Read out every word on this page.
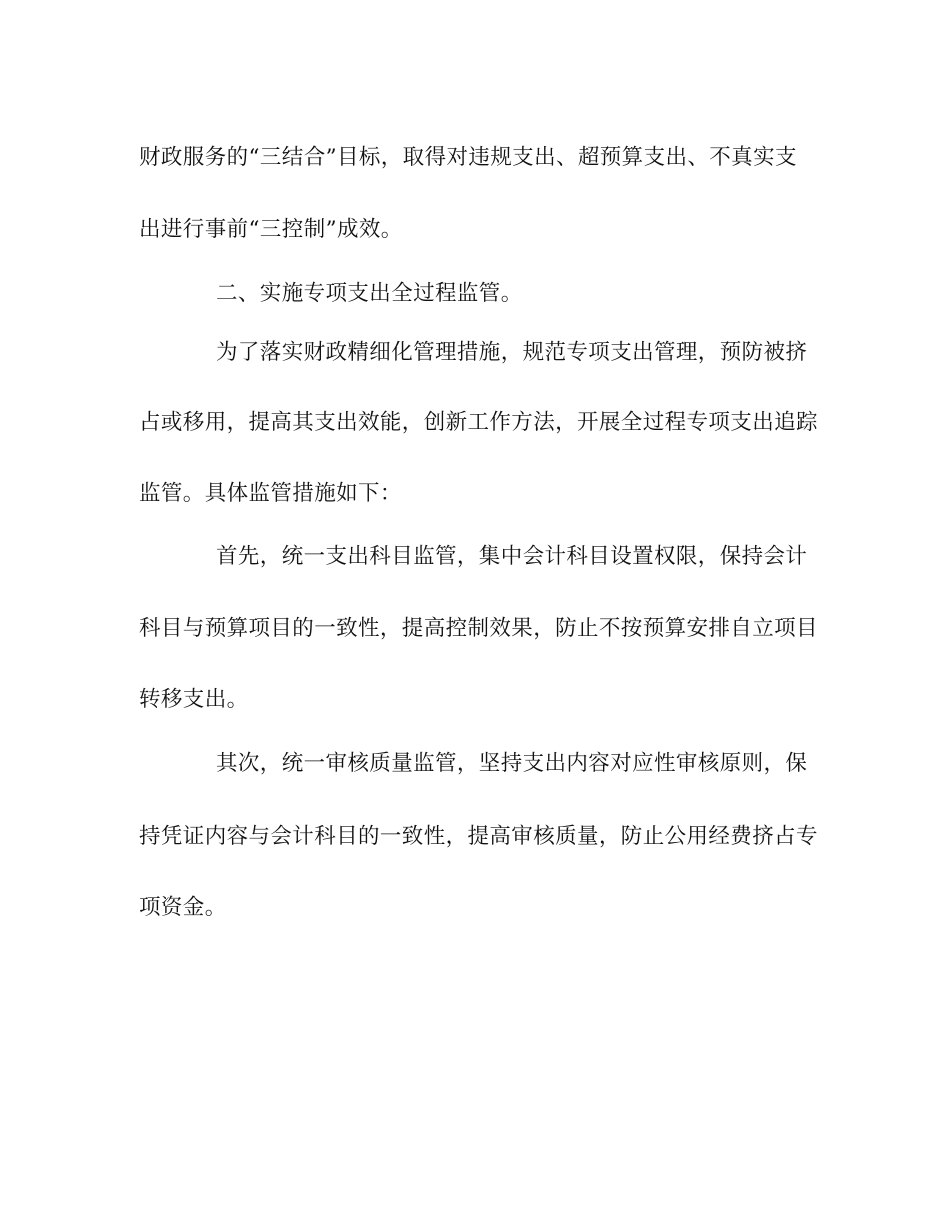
财政服务的“三结合”目标，取得对违规支出、超预算支出、不真实支
出进行事前“三控制”成效。
二、实施专项支出全过程监管。
为了落实财政精细化管理措施，规范专项支出管理，预防被挤
占或移用，提高其支出效能，创新工作方法，开展全过程专项支出追踪
监管。具体监管措施如下：
首先，统一支出科目监管，集中会计科目设置权限，保持会计
科目与预算项目的一致性，提高控制效果，防止不按预算安排自立项目
转移支出。
其次，统一审核质量监管，坚持支出内容对应性审核原则，保
持凭证内容与会计科目的一致性，提高审核质量，防止公用经费挤占专
项资金。
